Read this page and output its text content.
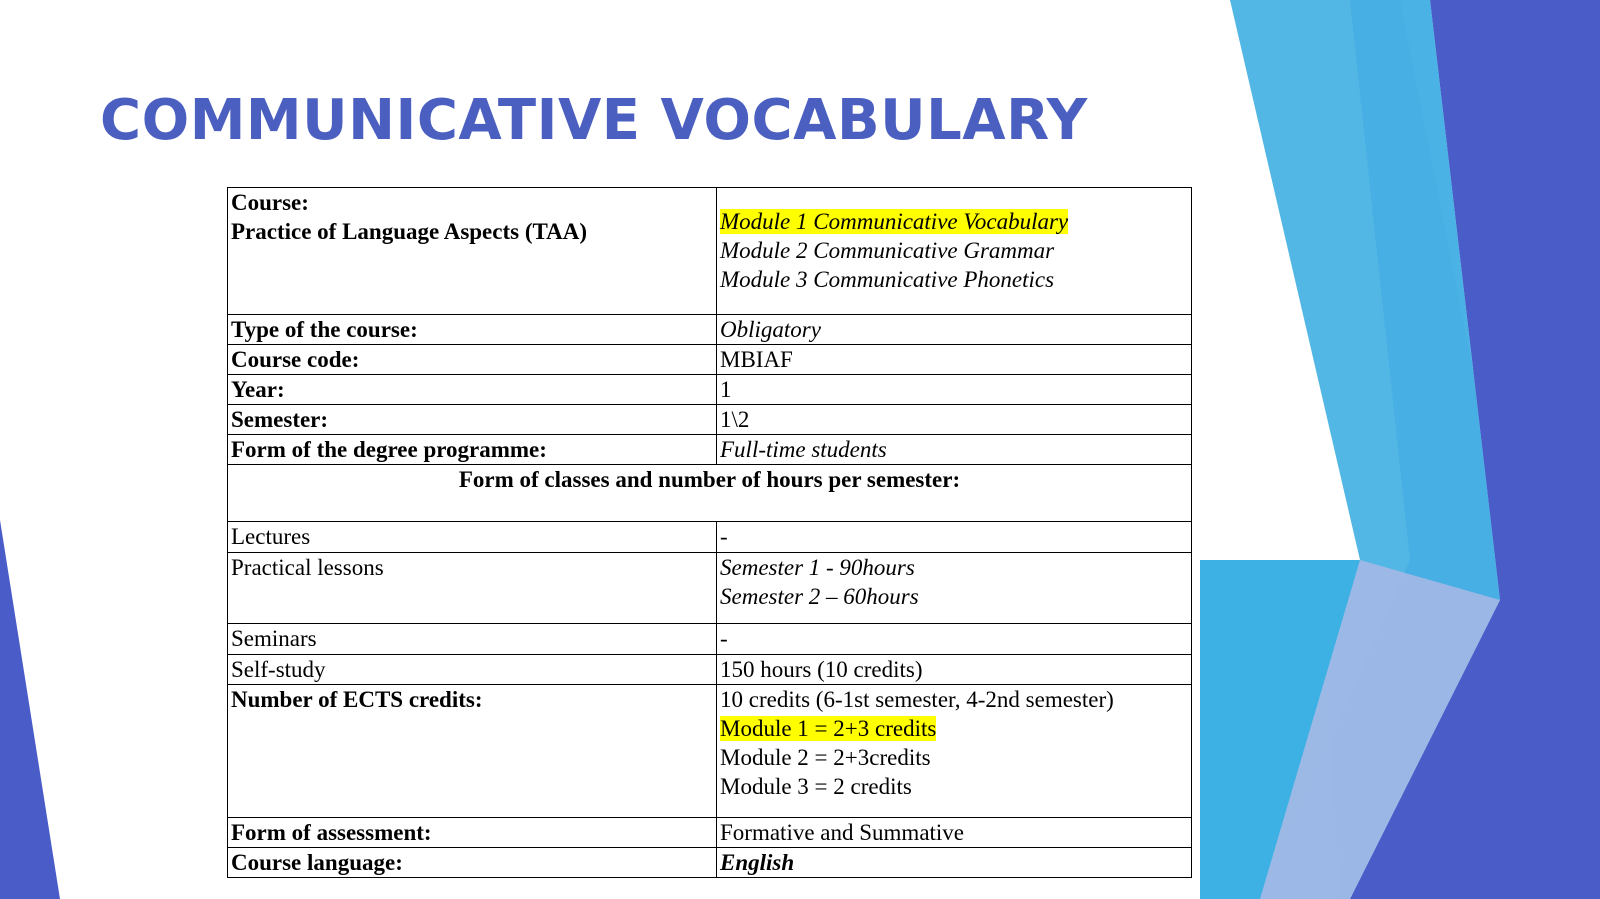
COMMUNICATIVE VOCABULARY
Course:
Practice of Language Aspects (TAA)	Module 1 Communicative Vocabulary
Module 2 Communicative Grammar
Module 3 Communicative Phonetics

Type of the course:	Obligatory
Course code:	MBIAF
Year:	1
Semester:	1\2
Form of the degree programme:	Full-time students
Form of classes and number of hours per semester:	
Lectures	-
Practical lessons	Semester 1 - 90hours
Semester 2 – 60hours

Seminars	-
Self-study	150 hours (10 credits)
Number of ECTS credits:	10 credits (6-1st semester, 4-2nd semester)
Module 1 = 2+3 credits
Module 2 = 2+3credits
Module 3 = 2 credits

Form of assessment:	Formative and Summative
Course language:	English
